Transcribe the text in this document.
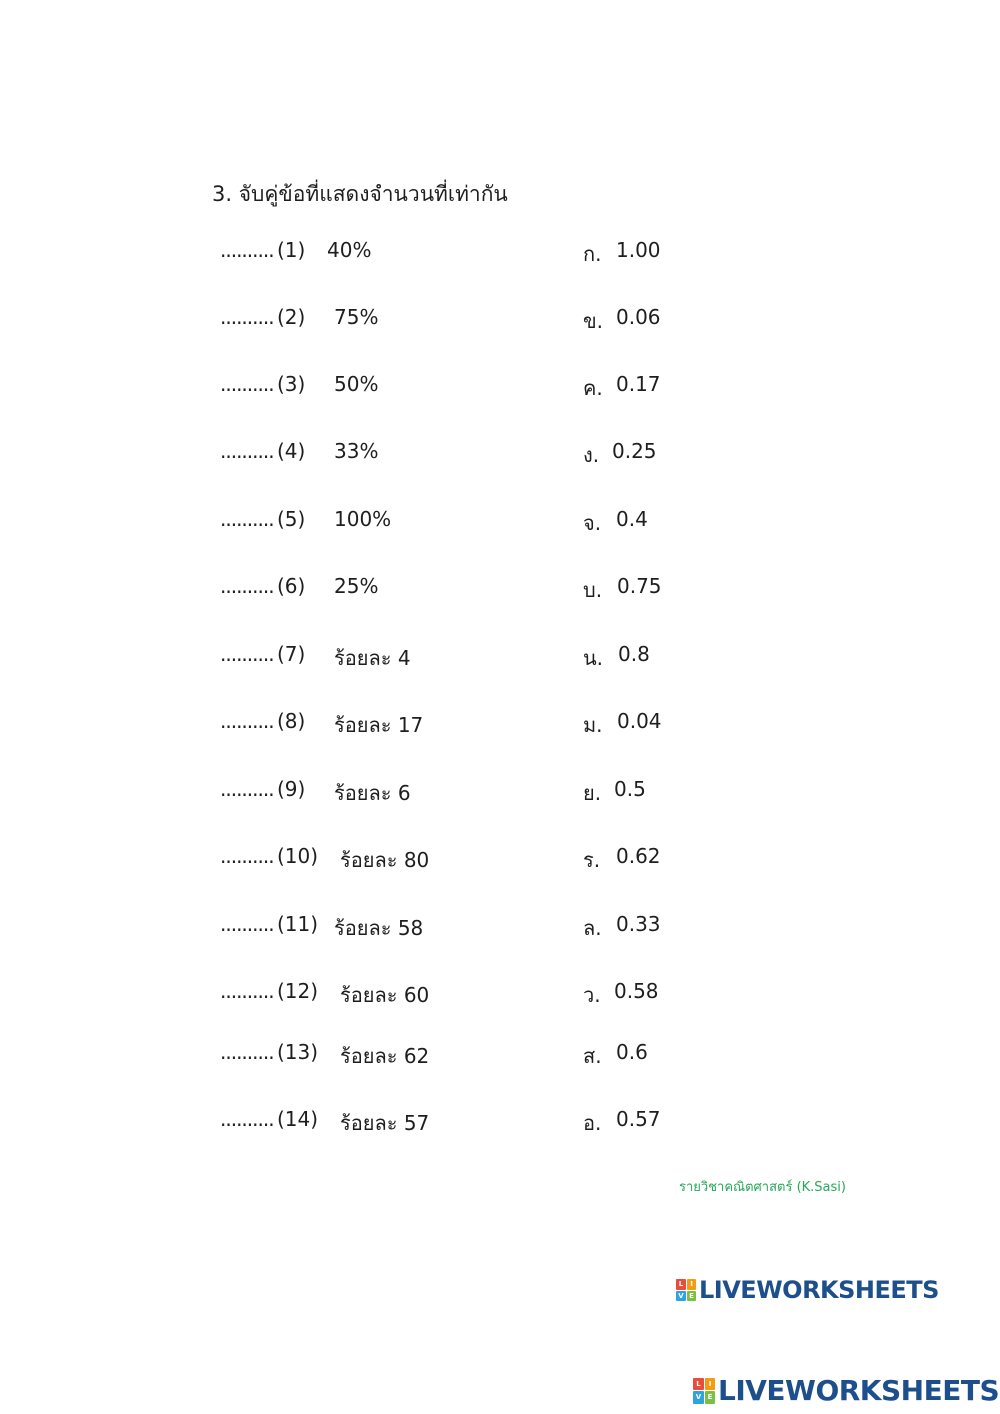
3. จับคู่ข้อที่แสดงจำนวนที่เท่ากัน
.......... (1) 40%	ก. 1.00
.......... (2) 75%	ข. 0.06
.......... (3) 50%	ค. 0.17
.......... (4) 33%	ง. 0.25
.......... (5) 100%	จ. 0.4
.......... (6) 25%	บ. 0.75
.......... (7) ร้อยละ 4	น. 0.8
.......... (8) ร้อยละ 17	ม. 0.04
.......... (9) ร้อยละ 6	ย. 0.5
.......... (10) ร้อยละ 80	ร. 0.62
.......... (11) ร้อยละ 58	ล. 0.33
.......... (12) ร้อยละ 60	ว. 0.58
.......... (13) ร้อยละ 62	ส. 0.6
.......... (14) ร้อยละ 57	อ. 0.57
รายวิชาคณิตศาสตร์ (K.Sasi)
L	I
V E LIVEWORKSHEETS
L	I
V E LIVEWORKSHEETS
